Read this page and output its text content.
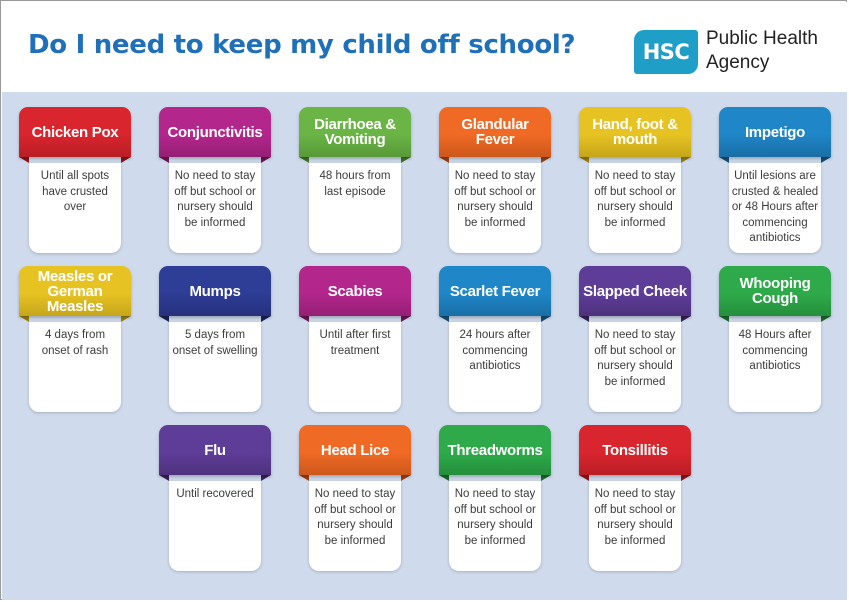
Do I need to keep my child off school?	HSC
Public Health
Agency
Until all spots have crusted over
Chicken Pox
No need to stay off but school or nursery should be informed
Conjunctivitis
48 hours from last episode
Diarrhoea & Vomiting
No need to stay off but school or nursery should be informed
Glandular Fever
No need to stay off but school or nursery should be informed
Hand, foot & mouth
Until lesions are crusted & healed or 48 Hours after commencing antibiotics
Impetigo
4 days from onset of rash
Measles or German Measles
5 days from onset of swelling
Mumps
Until after first treatment
Scabies
24 hours after commencing antibiotics
Scarlet Fever
No need to stay off but school or nursery should be informed
Slapped Cheek
48 Hours after commencing antibiotics
Whooping Cough
Until recovered
Flu
No need to stay off but school or nursery should be informed
Head Lice
No need to stay off but school or nursery should be informed
Threadworms
No need to stay off but school or nursery should be informed
Tonsillitis
